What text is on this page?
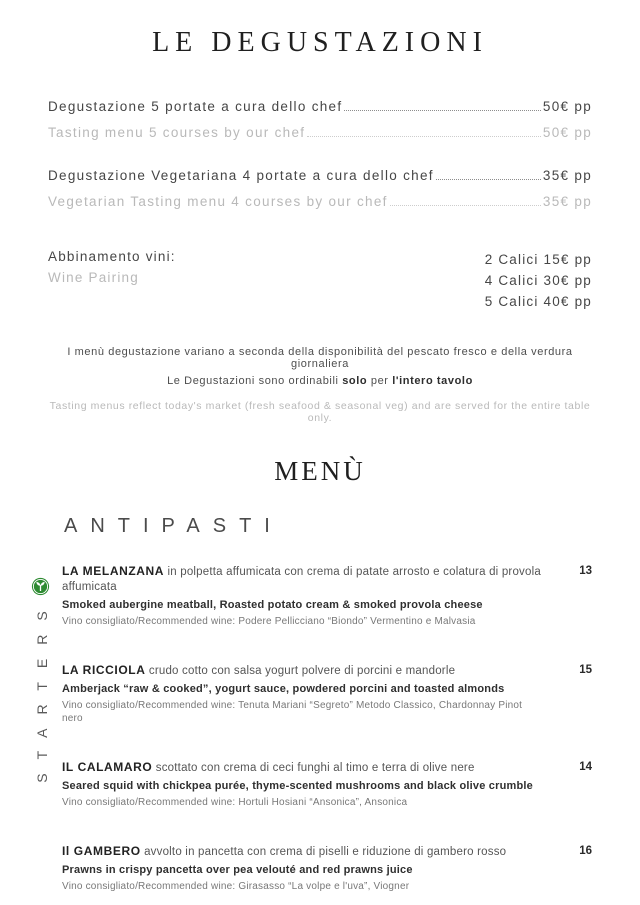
LE DEGUSTAZIONI
Degustazione 5 portate a cura dello chef	50€ pp
Tasting menu 5 courses by our chef	50€ pp
Degustazione Vegetariana 4 portate a cura dello chef	35€ pp
Vegetarian Tasting menu 4 courses by our chef	35€ pp
Abbinamento vini:
Wine Pairing
2 Calici 15€ pp
4 Calici 30€ pp
5 Calici 40€ pp
I menù degustazione variano a seconda della disponibilità del pescato fresco e della verdura giornaliera
Le Degustazioni sono ordinabili solo per l'intero tavolo
Tasting menus reflect today's market (fresh seafood & seasonal veg) and are served for the entire table only.
MENÙ
ANTIPASTI
STARTERS
LA MELANZANA in polpetta affumicata con crema di patate arrosto e colatura di provola affumicata
Smoked aubergine meatball, Roasted potato cream & smoked provola cheese
Vino consigliato/Recommended wine: Podere Pellicciano “Biondo” Vermentino e Malvasia
13
LA RICCIOLA crudo cotto con salsa yogurt polvere di porcini e mandorle
Amberjack “raw & cooked”, yogurt sauce, powdered porcini and toasted almonds
Vino consigliato/Recommended wine: Tenuta Mariani “Segreto” Metodo Classico, Chardonnay Pinot nero
15
IL CALAMARO scottato con crema di ceci funghi al timo e terra di olive nere
Seared squid with chickpea purée, thyme-scented mushrooms and black olive crumble
Vino consigliato/Recommended wine: Hortuli Hosiani “Ansonica”, Ansonica
14
Il GAMBERO avvolto in pancetta con crema di piselli e riduzione di gambero rosso
Prawns in crispy pancetta over pea velouté and red prawns juice
Vino consigliato/Recommended wine: Girasasso “La volpe e l'uva”, Viogner
16
